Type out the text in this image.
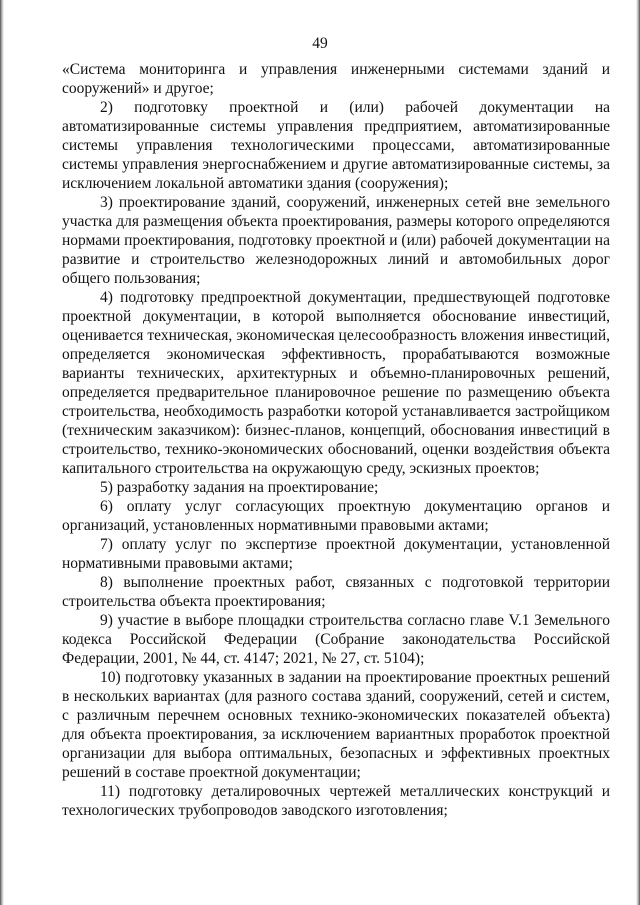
49

«Система мониторинга и управления инженерными системами зданий и сооружений» и другое;

2) подготовку проектной и (или) рабочей документации на автоматизированные системы управления предприятием, автоматизированные системы управления технологическими процессами, автоматизированные системы управления энергоснабжением и другие автоматизированные системы, за исключением локальной автоматики здания (сооружения);

3) проектирование зданий, сооружений, инженерных сетей вне земельного участка для размещения объекта проектирования, размеры которого определяются нормами проектирования, подготовку проектной и (или) рабочей документации на развитие и строительство железнодорожных линий и автомобильных дорог общего пользования;

4) подготовку предпроектной документации, предшествующей подготовке проектной документации, в которой выполняется обоснование инвестиций, оценивается техническая, экономическая целесообразность вложения инвестиций, определяется экономическая эффективность, прорабатываются возможные варианты технических, архитектурных и объемно-планировочных решений, определяется предварительное планировочное решение по размещению объекта строительства, необходимость разработки которой устанавливается застройщиком (техническим заказчиком): бизнес-планов, концепций, обоснования инвестиций в строительство, технико-экономических обоснований, оценки воздействия объекта капитального строительства на окружающую среду, эскизных проектов;

5) разработку задания на проектирование;

6) оплату услуг согласующих проектную документацию органов и организаций, установленных нормативными правовыми актами;

7) оплату услуг по экспертизе проектной документации, установленной нормативными правовыми актами;

8) выполнение проектных работ, связанных с подготовкой территории строительства объекта проектирования;

9) участие в выборе площадки строительства согласно главе V.1 Земельного кодекса Российской Федерации (Собрание законодательства Российской Федерации, 2001, № 44, ст. 4147; 2021, № 27, ст. 5104);

10) подготовку указанных в задании на проектирование проектных решений в нескольких вариантах (для разного состава зданий, сооружений, сетей и систем, с различным перечнем основных технико-экономических показателей объекта) для объекта проектирования, за исключением вариантных проработок проектной организации для выбора оптимальных, безопасных и эффективных проектных решений в составе проектной документации;

11) подготовку деталировочных чертежей металлических конструкций и технологических трубопроводов заводского изготовления;
